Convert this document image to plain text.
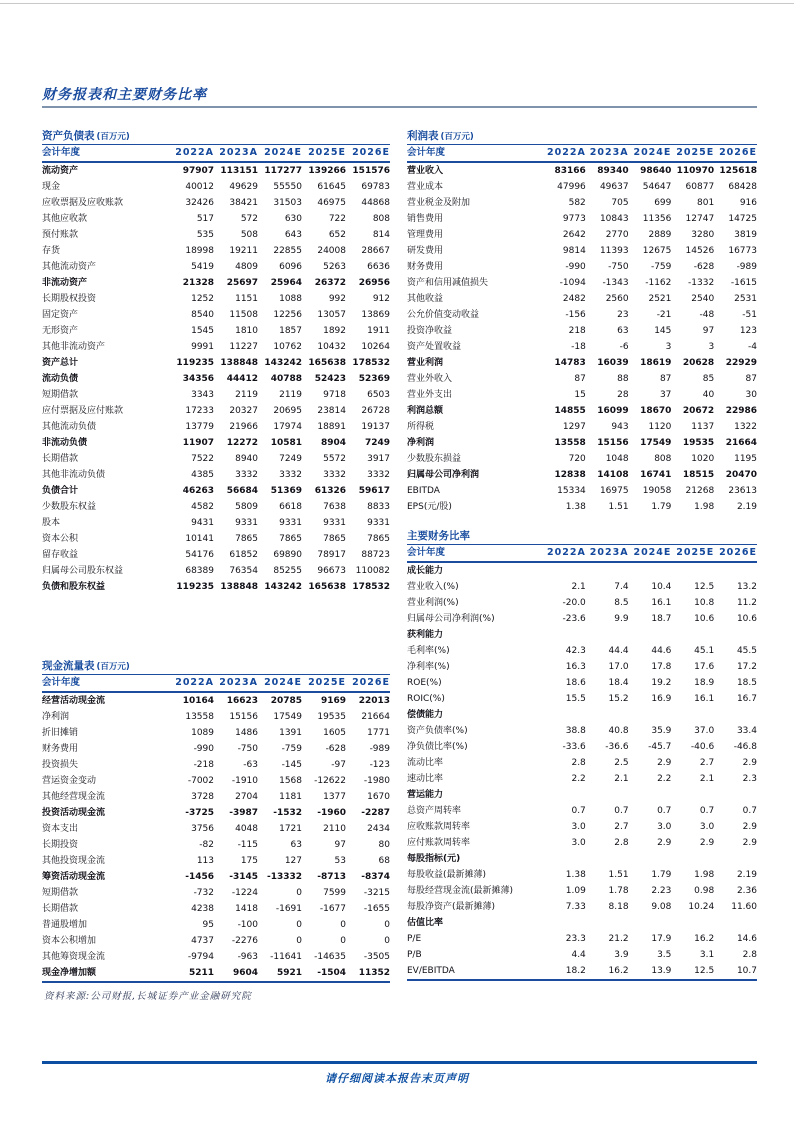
财务报表和主要财务比率
资产负债表 (百万元)
会计年度	2022A	2023A	2024E	2025E	2026E
流动资产	97907	113151	117277	139266	151576
现金	40012	49629	55550	61645	69783
应收票据及应收账款	32426	38421	31503	46975	44868
其他应收款	517	572	630	722	808
预付账款	535	508	643	652	814
存货	18998	19211	22855	24008	28667
其他流动资产	5419	4809	6096	5263	6636
非流动资产	21328	25697	25964	26372	26956
长期股权投资	1252	1151	1088	992	912
固定资产	8540	11508	12256	13057	13869
无形资产	1545	1810	1857	1892	1911
其他非流动资产	9991	11227	10762	10432	10264
资产总计	119235	138848	143242	165638	178532
流动负债	34356	44412	40788	52423	52369
短期借款	3343	2119	2119	9718	6503
应付票据及应付账款	17233	20327	20695	23814	26728
其他流动负债	13779	21966	17974	18891	19137
非流动负债	11907	12272	10581	8904	7249
长期借款	7522	8940	7249	5572	3917
其他非流动负债	4385	3332	3332	3332	3332
负债合计	46263	56684	51369	61326	59617
少数股东权益	4582	5809	6618	7638	8833
股本	9431	9331	9331	9331	9331
资本公积	10141	7865	7865	7865	7865
留存收益	54176	61852	69890	78917	88723
归属母公司股东权益	68389	76354	85255	96673	110082
负债和股东权益	119235	138848	143242	165638	178532
利润表 (百万元)
会计年度	2022A	2023A	2024E	2025E	2026E
营业收入	83166	89340	98640	110970	125618
营业成本	47996	49637	54647	60877	68428
营业税金及附加	582	705	699	801	916
销售费用	9773	10843	11356	12747	14725
管理费用	2642	2770	2889	3280	3819
研发费用	9814	11393	12675	14526	16773
财务费用	-990	-750	-759	-628	-989
资产和信用减值损失	-1094	-1343	-1162	-1332	-1615
其他收益	2482	2560	2521	2540	2531
公允价值变动收益	-156	23	-21	-48	-51
投资净收益	218	63	145	97	123
资产处置收益	-18	-6	3	3	-4
营业利润	14783	16039	18619	20628	22929
营业外收入	87	88	87	85	87
营业外支出	15	28	37	40	30
利润总额	14855	16099	18670	20672	22986
所得税	1297	943	1120	1137	1322
净利润	13558	15156	17549	19535	21664
少数股东损益	720	1048	808	1020	1195
归属母公司净利润	12838	14108	16741	18515	20470
EBITDA	15334	16975	19058	21268	23613
EPS(元/股)	1.38	1.51	1.79	1.98	2.19
主要财务比率
会计年度	2022A	2023A	2024E	2025E	2026E
成长能力					
营业收入(%)	2.1	7.4	10.4	12.5	13.2
营业利润(%)	-20.0	8.5	16.1	10.8	11.2
归属母公司净利润(%)	-23.6	9.9	18.7	10.6	10.6
获利能力					
毛利率(%)	42.3	44.4	44.6	45.1	45.5
净利率(%)	16.3	17.0	17.8	17.6	17.2
ROE(%)	18.6	18.4	19.2	18.9	18.5
ROIC(%)	15.5	15.2	16.9	16.1	16.7
偿债能力					
资产负债率(%)	38.8	40.8	35.9	37.0	33.4
净负债比率(%)	-33.6	-36.6	-45.7	-40.6	-46.8
流动比率	2.8	2.5	2.9	2.7	2.9
速动比率	2.2	2.1	2.2	2.1	2.3
营运能力					
总资产周转率	0.7	0.7	0.7	0.7	0.7
应收账款周转率	3.0	2.7	3.0	3.0	2.9
应付账款周转率	3.0	2.8	2.9	2.9	2.9
每股指标(元)					
每股收益(最新摊薄)	1.38	1.51	1.79	1.98	2.19
每股经营现金流(最新摊薄)	1.09	1.78	2.23	0.98	2.36
每股净资产(最新摊薄)	7.33	8.18	9.08	10.24	11.60
估值比率					
P/E	23.3	21.2	17.9	16.2	14.6
P/B	4.4	3.9	3.5	3.1	2.8
EV/EBITDA	18.2	16.2	13.9	12.5	10.7
现金流量表 (百万元)
会计年度	2022A	2023A	2024E	2025E	2026E
经营活动现金流	10164	16623	20785	9169	22013
净利润	13558	15156	17549	19535	21664
折旧摊销	1089	1486	1391	1605	1771
财务费用	-990	-750	-759	-628	-989
投资损失	-218	-63	-145	-97	-123
营运资金变动	-7002	-1910	1568	-12622	-1980
其他经营现金流	3728	2704	1181	1377	1670
投资活动现金流	-3725	-3987	-1532	-1960	-2287
资本支出	3756	4048	1721	2110	2434
长期投资	-82	-115	63	97	80
其他投资现金流	113	175	127	53	68
筹资活动现金流	-1456	-3145	-13332	-8713	-8374
短期借款	-732	-1224	0	7599	-3215
长期借款	4238	1418	-1691	-1677	-1655
普通股增加	95	-100	0	0	0
资本公积增加	4737	-2276	0	0	0
其他筹资现金流	-9794	-963	-11641	-14635	-3505
现金净增加额	5211	9604	5921	-1504	11352
资料来源:公司财报,长城证券产业金融研究院
请仔细阅读本报告末页声明
